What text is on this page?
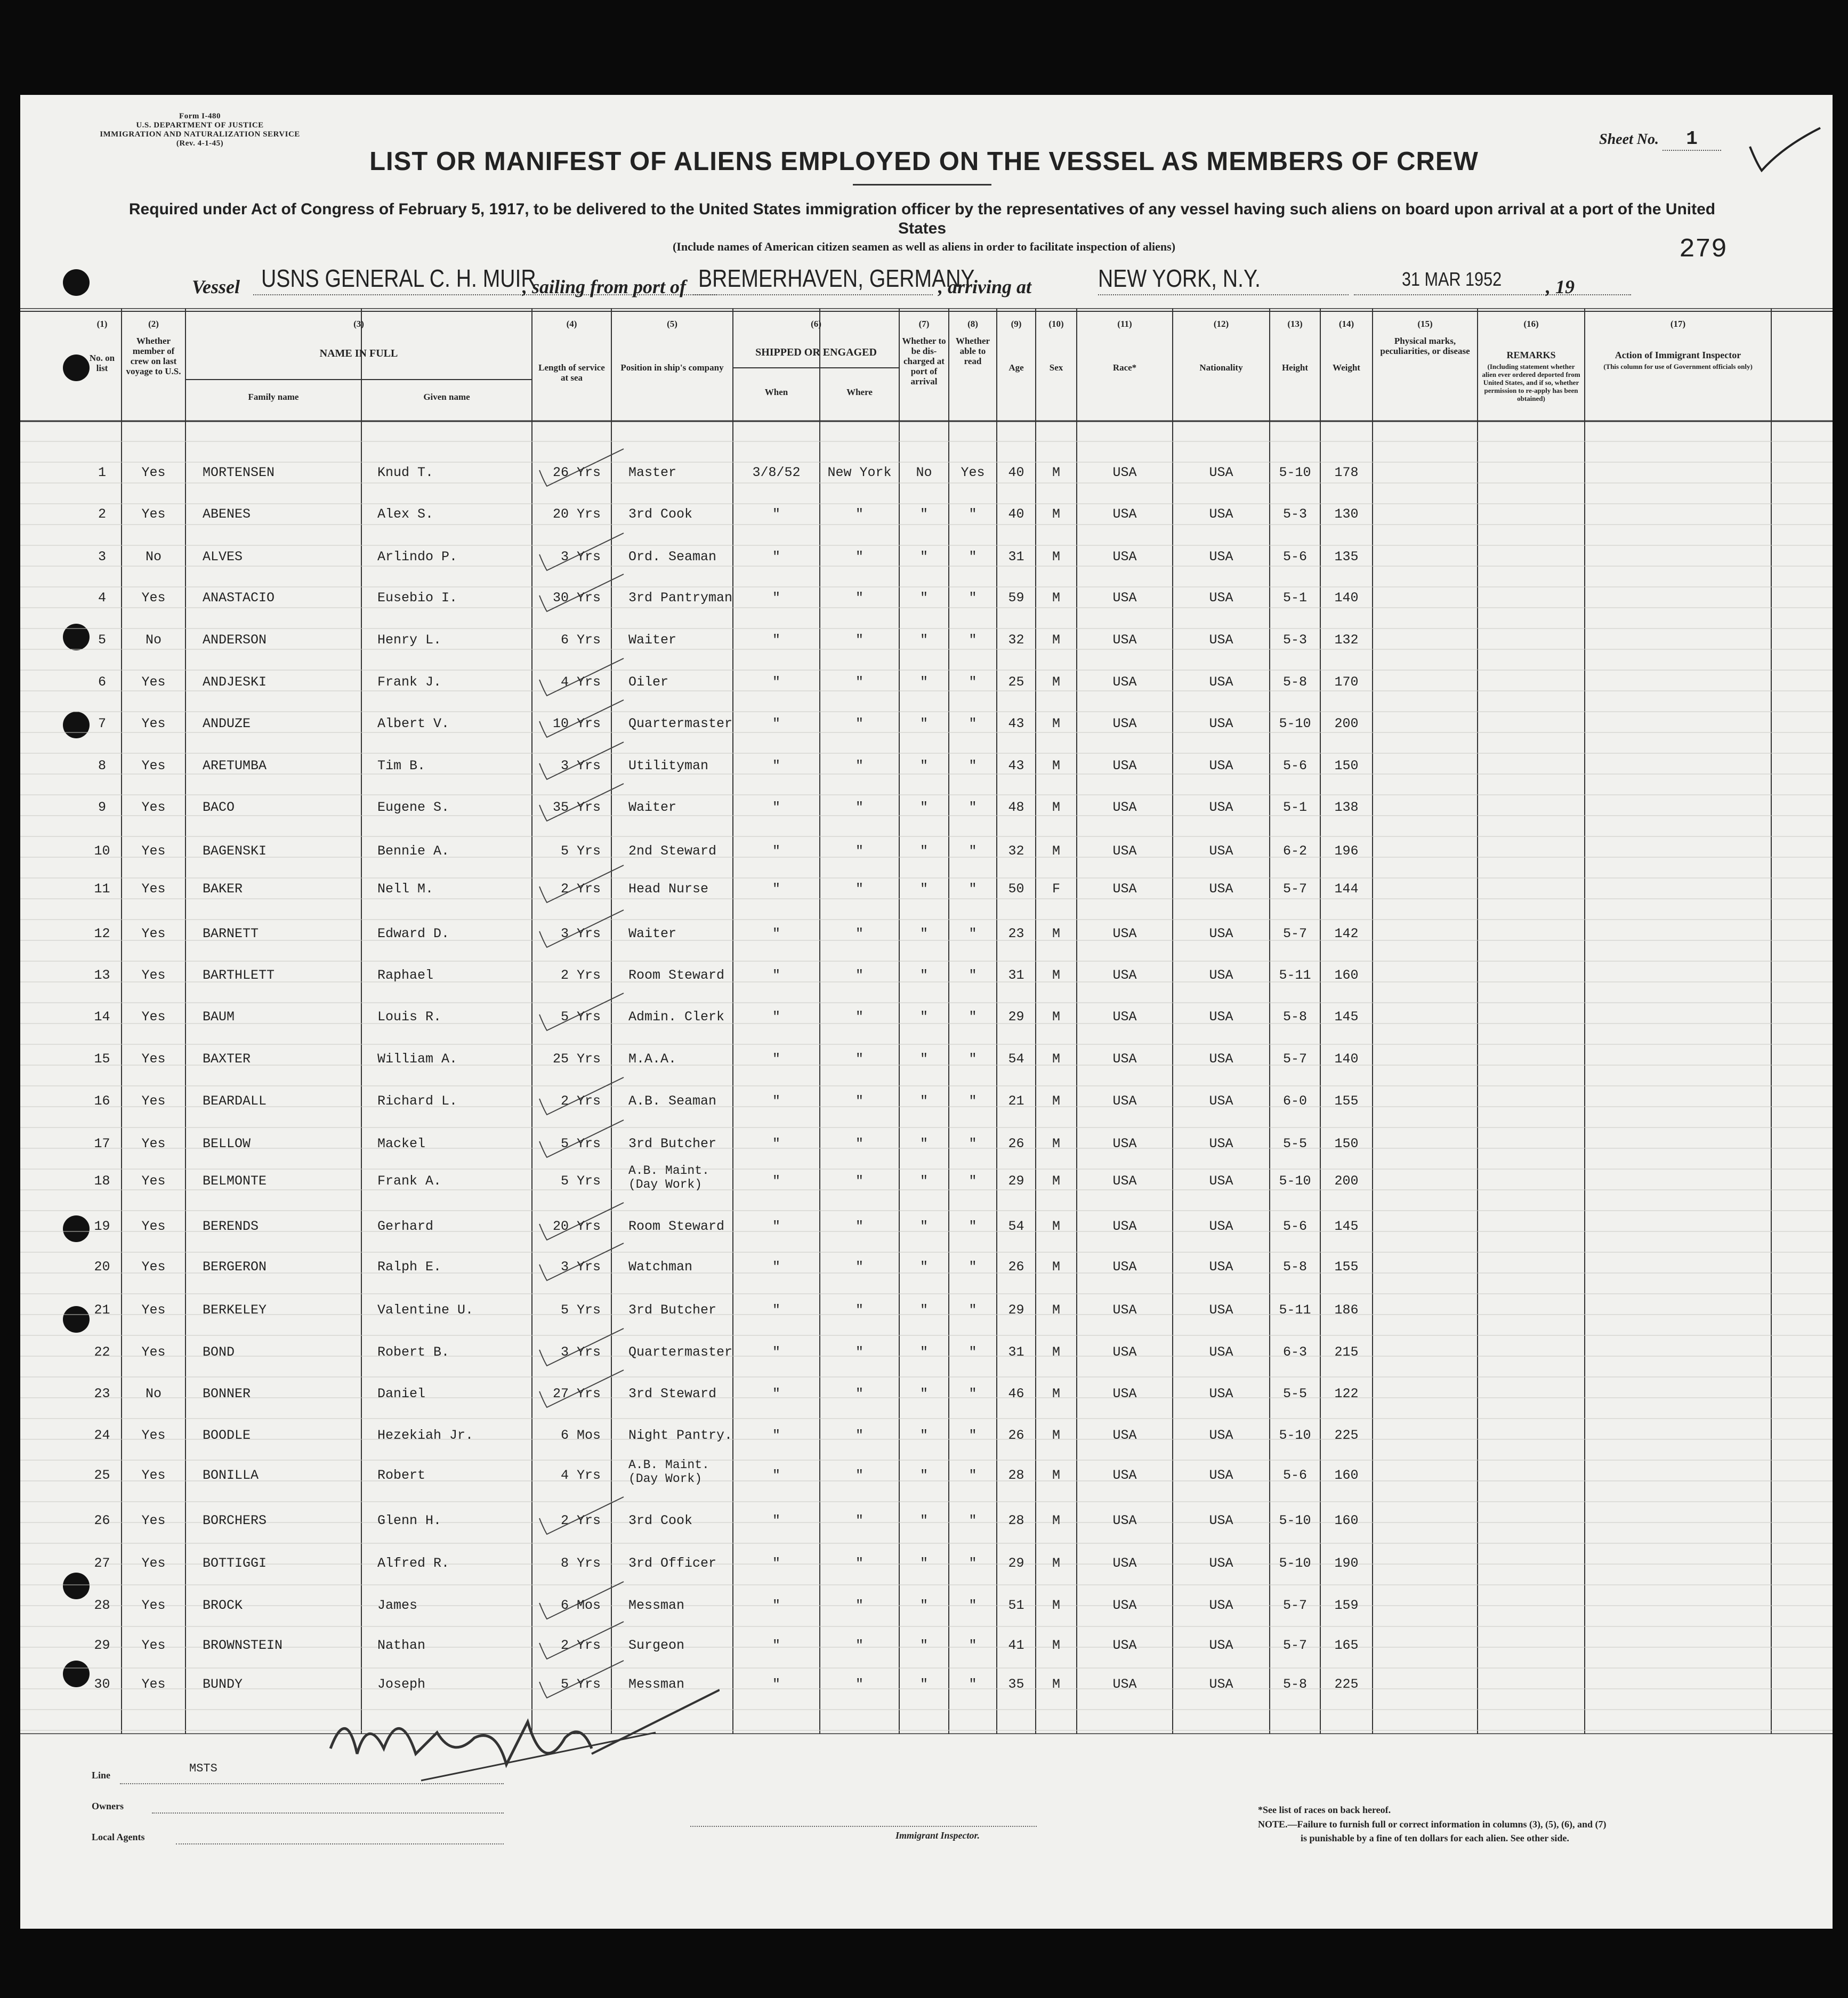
Form I-480
U.S. DEPARTMENT OF JUSTICE
IMMIGRATION AND NATURALIZATION SERVICE
(Rev. 4-1-45)	Sheet No. 1
LIST OR MANIFEST OF ALIENS EMPLOYED ON THE VESSEL AS MEMBERS OF CREW
Required under Act of Congress of February 5, 1917, to be delivered to the United States immigration officer by the representatives of any vessel having such aliens on board upon arrival at a port of the United States
(Include names of American citizen seamen as well as aliens in order to facilitate inspection of aliens)	279
Vessel USNS GENERAL C. H. MUIR
, sailing from port of BREMERHAVEN, GERMANY
, arriving at	NEW YORK, N.Y.	31 MAR 1952 , 19
(1)
No. on list
(2)
Whether member of crew on last voyage to U.S.
(4)
Length of service at sea
(5)
Position in ship's company
(7)
Whether to be dis-charged at port of arrival
(8)
Whether able to read
(9)
Age
(10)
Sex
(11)
Race*
(12)
Nationality
(13)
Height
(14)
Weight
(15)
Physical marks, peculiarities, or disease
(16)
REMARKS
(Including statement whether alien ever ordered deported from United States, and if so, whether permission to re-apply has been obtained)
(17)
Action of Immigrant Inspector
(This column for use of Government officials only)
(3)
NAME IN FULL
Family name	Given name
(6)
SHIPPED OR ENGAGED
When	Where
1	Yes	MORTENSEN	Knud T.	26 Yrs Master	3/8/52	New York	No	Yes	40	M	USA	USA	5-10	178
2	Yes	ABENES	Alex S.	20 Yrs 3rd Cook	"	"	"	"	40	M	USA	USA	5-3	130
3	No	ALVES	Arlindo P.	3 Yrs Ord. Seaman	"	"	"	"	31	M	USA	USA	5-6	135
4	Yes	ANASTACIO	Eusebio I.	30 Yrs 3rd Pantryman	"	"	"	"	59	M	USA	USA	5-1	140
5	No	ANDERSON	Henry L.	6 Yrs Waiter	"	"	"	"	32	M	USA	USA	5-3	132
6	Yes	ANDJESKI	Frank J.	4 Yrs Oiler	"	"	"	"	25	M	USA	USA	5-8	170
7	Yes	ANDUZE	Albert V.	10 Yrs Quartermaster	"	"	"	"	43	M	USA	USA	5-10	200
8	Yes	ARETUMBA	Tim B.	3 Yrs Utilityman	"	"	"	"	43	M	USA	USA	5-6	150
9	Yes	BACO	Eugene S.	35 Yrs Waiter	"	"	"	"	48	M	USA	USA	5-1	138
10	Yes	BAGENSKI	Bennie A.	5 Yrs 2nd Steward	"	"	"	"	32	M	USA	USA	6-2	196
11	Yes	BAKER	Nell M.	2 Yrs Head Nurse	"	"	"	"	50	F	USA	USA	5-7	144
12	Yes	BARNETT	Edward D.	3 Yrs Waiter	"	"	"	"	23	M	USA	USA	5-7	142
13	Yes	BARTHLETT	Raphael	2 Yrs Room Steward	"	"	"	"	31	M	USA	USA	5-11	160
14	Yes	BAUM	Louis R.	5 Yrs Admin. Clerk	"	"	"	"	29	M	USA	USA	5-8	145
15	Yes	BAXTER	William A.	25 Yrs M.A.A.	"	"	"	"	54	M	USA	USA	5-7	140
16	Yes	BEARDALL	Richard L.	2 Yrs A.B. Seaman	"	"	"	"	21	M	USA	USA	6-0	155
17	Yes	BELLOW	Mackel	5 Yrs 3rd Butcher	"	"	"	"	26	M	USA	USA	5-5	150
18	Yes	BELMONTE	Frank A.	5 Yrs
A.B. Maint.
(Day Work)	"	"	"	"	29	M	USA	USA	5-10	200
19	Yes	BERENDS	Gerhard	20 Yrs Room Steward	"	"	"	"	54	M	USA	USA	5-6	145
20	Yes	BERGERON	Ralph E.	3 Yrs Watchman	"	"	"	"	26	M	USA	USA	5-8	155
21	Yes	BERKELEY	Valentine U.	5 Yrs 3rd Butcher	"	"	"	"	29	M	USA	USA	5-11	186
22	Yes	BOND	Robert B.	3 Yrs Quartermaster	"	"	"	"	31	M	USA	USA	6-3	215
23	No	BONNER	Daniel	27 Yrs 3rd Steward	"	"	"	"	46	M	USA	USA	5-5	122
24	Yes	BOODLE	Hezekiah Jr.	6 Mos Night Pantry.	"	"	"	"	26	M	USA	USA	5-10	225
25	Yes	BONILLA	Robert	4 Yrs
A.B. Maint.
(Day Work)	"	"	"	"	28	M	USA	USA	5-6	160
26	Yes	BORCHERS	Glenn H.	2 Yrs 3rd Cook	"	"	"	"	28	M	USA	USA	5-10	160
27	Yes	BOTTIGGI	Alfred R.	8 Yrs 3rd Officer	"	"	"	"	29	M	USA	USA	5-10	190
28	Yes	BROCK	James	6 Mos Messman	"	"	"	"	51	M	USA	USA	5-7	159
29	Yes	BROWNSTEIN	Nathan	2 Yrs Surgeon	"	"	"	"	41	M	USA	USA	5-7	165
30	Yes	BUNDY	Joseph	5 Yrs Messman	"	"	"	"	35	M	USA	USA	5-8	225
Line	MSTS
Owners
Local Agents	Immigrant Inspector.
*See list of races on back hereof.
NOTE.—Failure to furnish full or correct information in columns (3), (5), (6), and (7)
is punishable by a fine of ten dollars for each alien. See other side.
